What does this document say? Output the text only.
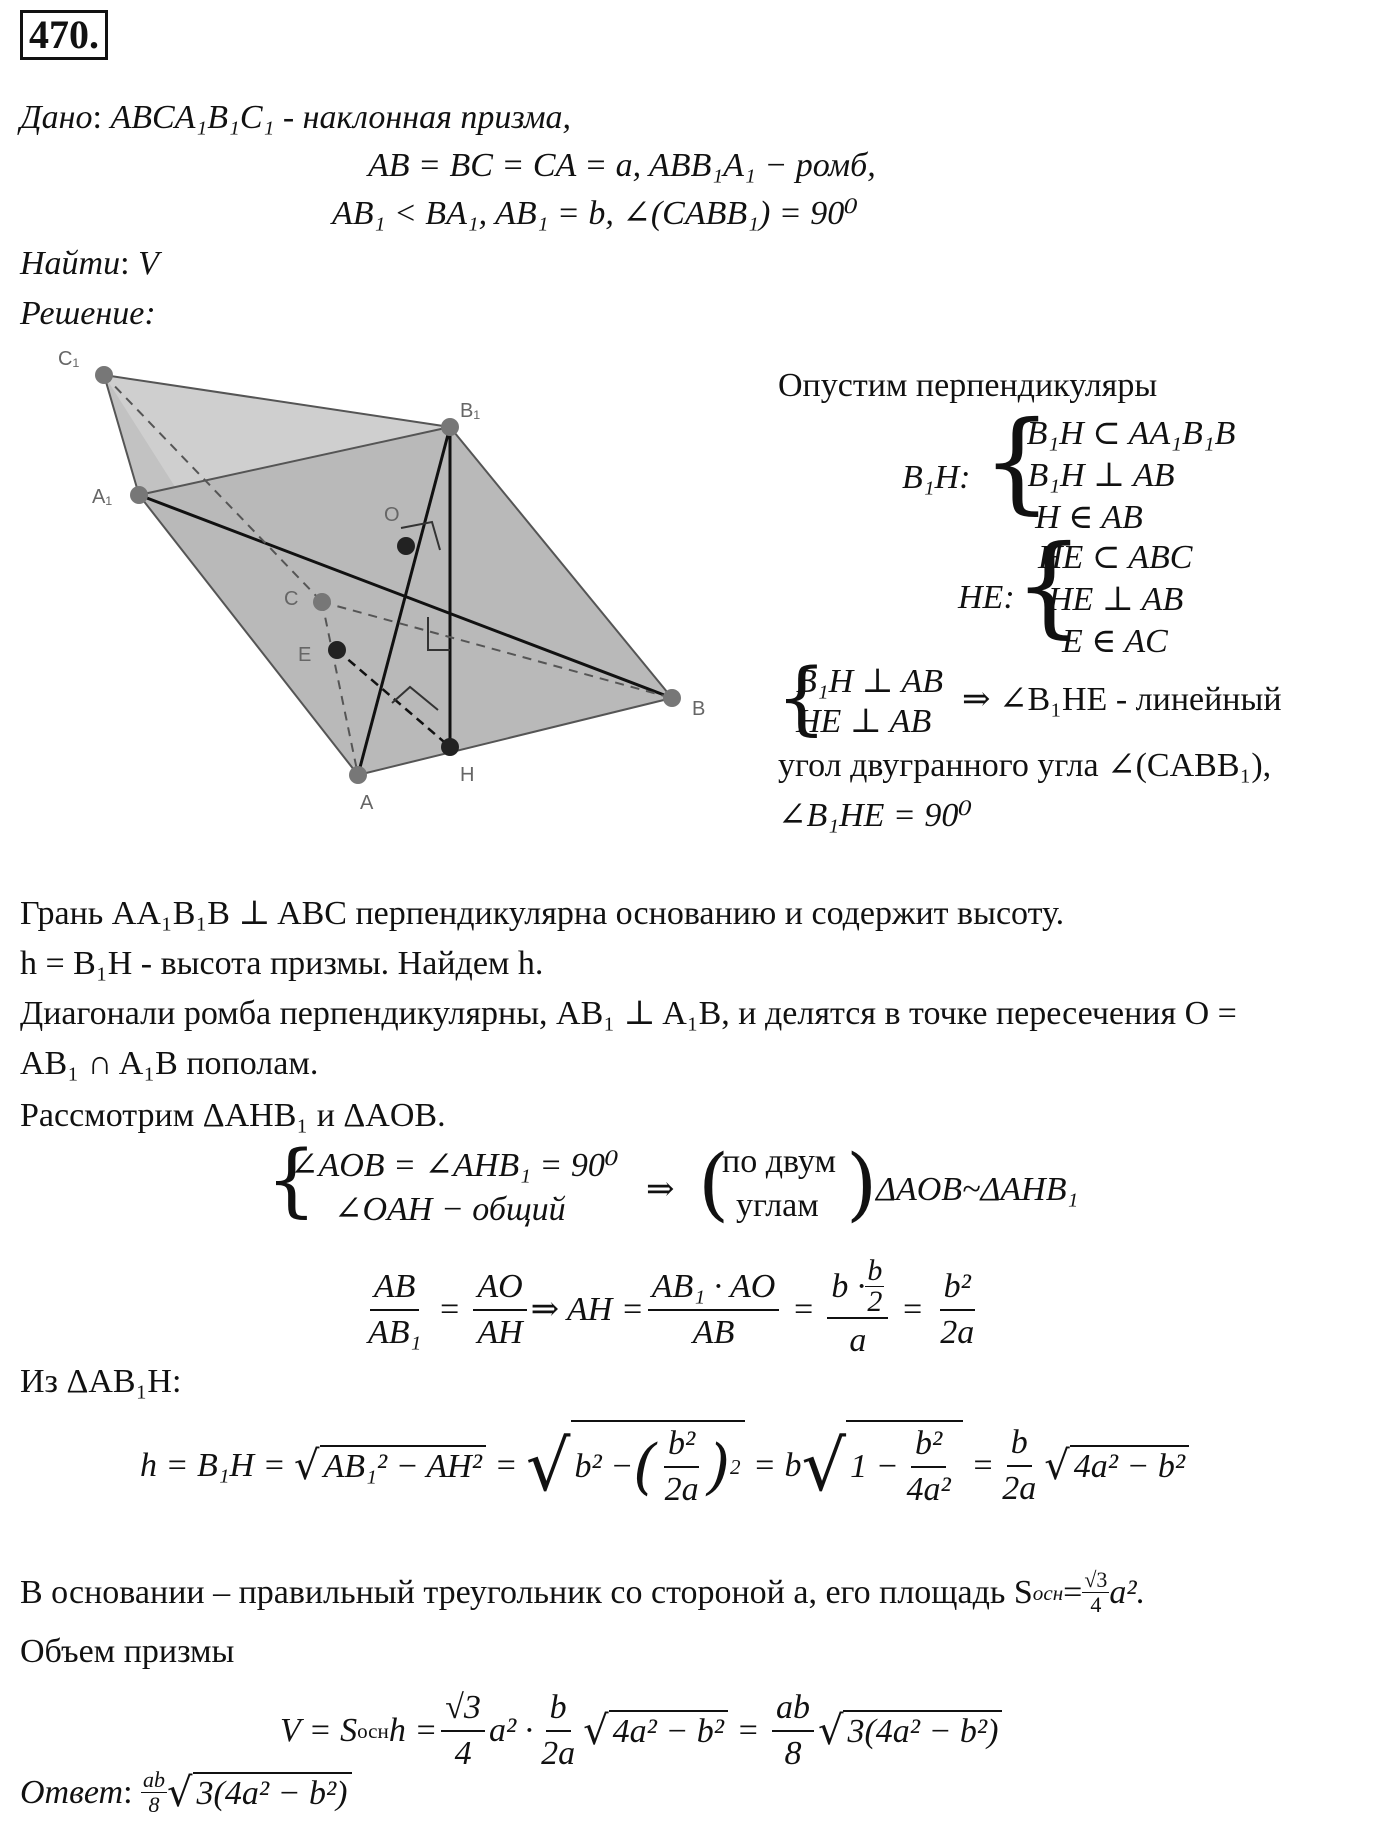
470.
Дано: ABCA₁B₁C₁ - наклонная призма,
AB = BC = CA = a, ABB₁A₁ − ромб,
AB₁ < BA₁, AB₁ = b, ∠(CABB₁) = 90⁰
Найти: V
Решение:
C₁
B₁
A₁
O
C
E
B
H
A
Опустим перпендикуляры
B₁H: {
B₁H ⊂ AA₁B₁B
B₁H ⊥ AB
H ∈ AB
HE: {
HE ⊂ ABC
HE ⊥ AB
E ∈ AC
{
B₁H ⊥ AB
HE ⊥ AB
⇒ ∠B₁HE - линейный
угол двугранного угла ∠(CABB₁),
∠B₁HE = 90⁰
Грань AA₁B₁B ⊥ ABC перпендикулярна основанию и содержит высоту.
h = B₁H - высота призмы. Найдем h.
Диагонали ромба перпендикулярны, AB₁ ⊥ A₁B, и делятся в точке пересечения O =
AB₁ ∩ A₁B пополам.
Рассмотрим ΔAHB₁ и ΔAOB.
{
∠AOB = ∠AHB₁ = 90⁰
∠OAH − общий
⇒ (
по двум
углам )
ΔAOB~ΔAHB₁
$\frac{AB}{\text{AB₁}} = \frac{AO}{AH}$ ⇒ AH = $\frac{\text{AB₁ · AO}}{AB} = \frac{b \cdot \frac{b}{2}}{a} = \frac{\text{b²}}{2a}$
Из ΔAB₁H:
h = B₁H =
√ AB₁² − AH²
=
√ b² − ( $\frac{\text{b²}}{2a}$ ) 2
= b √ $1 - \frac{\text{b²}}{\text{4a²}}$
= $\frac{b}{2a}$ √ 4a² − b²
В основании – правильный треугольник со стороной a, его площадь S осн = $\frac{√3}{4} a^2$.
Объем призмы
V = S осн $h = \frac{√3}{4} a^2 \cdot \frac{b}{2a}$ √ 4a² − b²
=
$\frac{ab}{8}$ √ 3(4a² − b²)
Ответ : $\frac{ab}{8}$ √ 3(4a² − b²)
